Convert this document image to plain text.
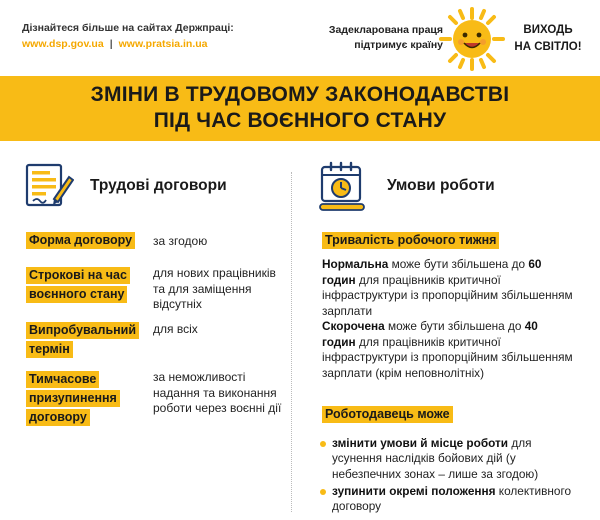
Дізнайтеся більше на сайтах Держпраці:
www.dsp.gov.ua | www.pratsia.in.ua
Задекларована праця
підтримує країну
ВИХОДЬ
НА СВІТЛО!
ЗМІНИ В ТРУДОВОМУ ЗАКОНОДАВСТВІ
ПІД ЧАС ВОЄННОГО СТАНУ
Трудові договори
Форма договору	за згодою
Строкові на час воєнного стану
для нових працівників та для заміщення відсутніх
Випробувальний термін
для всіх
Тимчасове призупинення договору
за неможливості надання та виконання роботи через воєнні дії
Умови роботи
Тривалість робочого тижня
Нормальна може бути збільшена до 60 годин для працівників критичної інфраструктури із пропорційним збільшенням зарплати
Скорочена може бути збільшена до 40 годин для працівників критичної інфраструктури із пропорційним збільшенням зарплати (крім неповнолітніх)
Роботодавець може
змінити умови й місце роботи для усунення наслідків бойових дій (у небезпечних зонах – лише за згодою)
зупинити окремі положення колективного договору
